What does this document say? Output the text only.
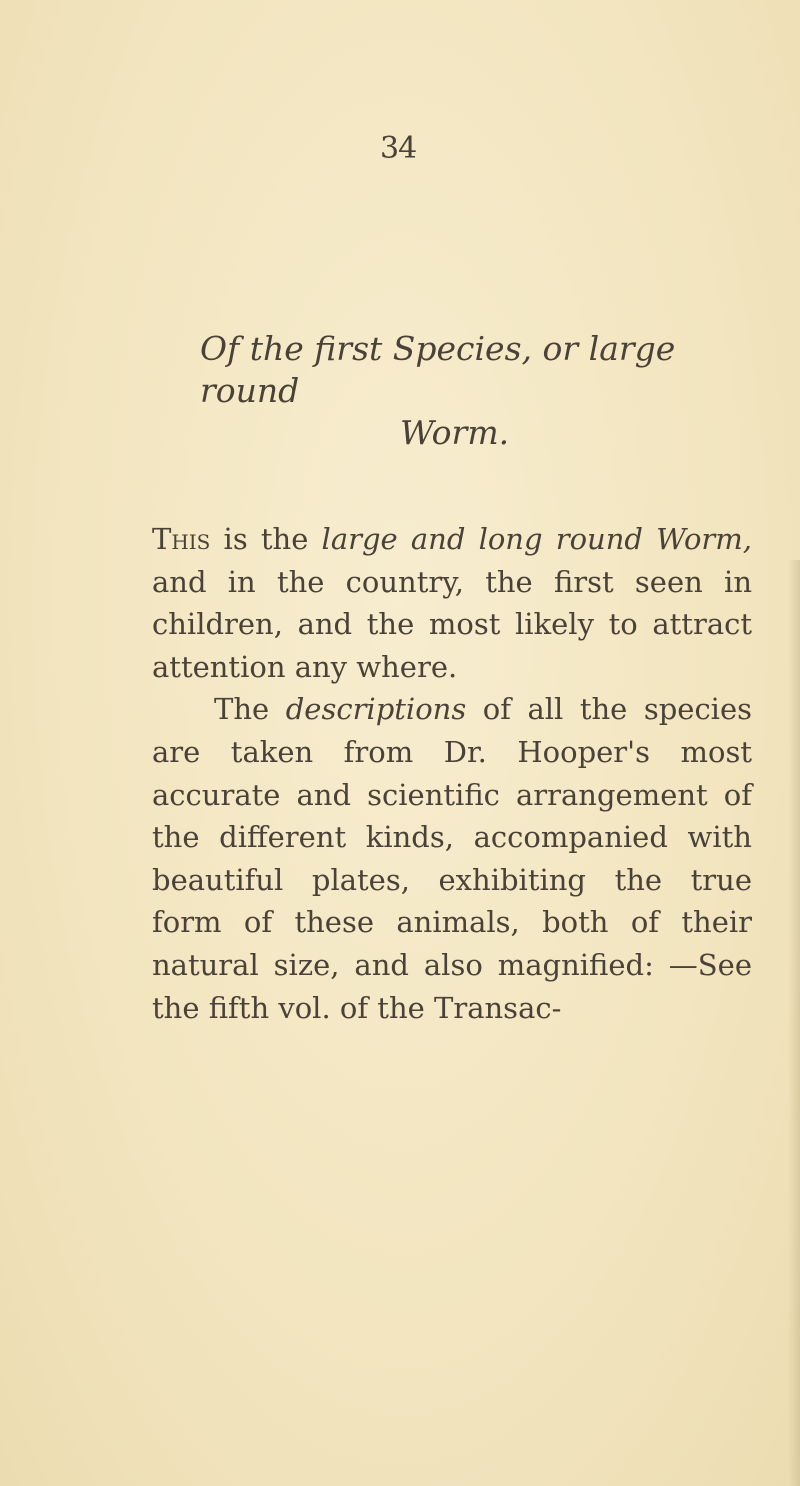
34
Of the first Species, or large round
Worm.

This is the large and long round Worm, and in the country, the first seen in children, and the most likely to attract attention any where.

The descriptions of all the species are taken from Dr. Hooper's most accurate and scientific arrangement of the different kinds, accompanied with beautiful plates, exhibiting the true form of these animals, both of their natural size, and also magnified: —See the fifth vol. of the Transac-
